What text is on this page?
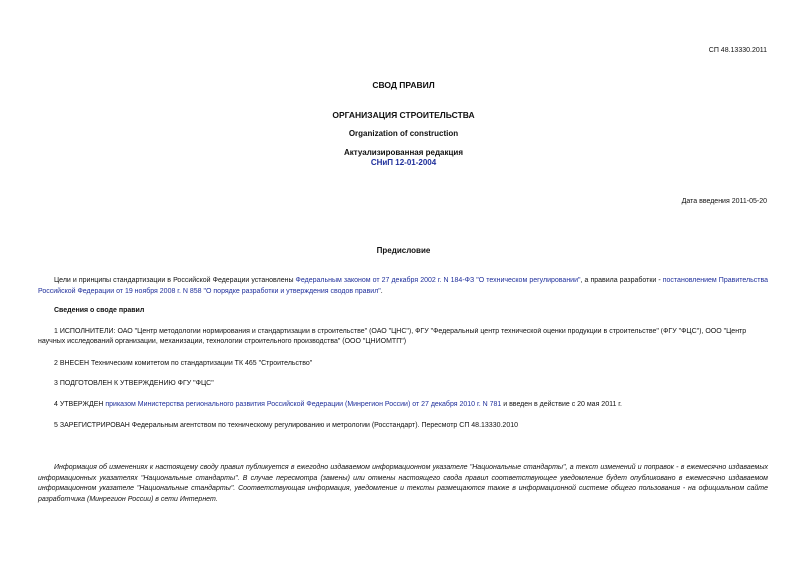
СП 48.13330.2011
СВОД ПРАВИЛ
ОРГАНИЗАЦИЯ СТРОИТЕЛЬСТВА
Organization of construction
Актуализированная редакция
СНиП 12-01-2004
Дата введения 2011-05-20
Предисловие

Цели и принципы стандартизации в Российской Федерации установлены Федеральным законом от 27 декабря 2002 г. N 184-ФЗ "О техническом регулировании", а правила разработки - постановлением Правительства Российской Федерации от 19 ноября 2008 г. N 858 "О порядке разработки и утверждения сводов правил".

Сведения о своде правил
1 ИСПОЛНИТЕЛИ: ОАО "Центр методологии нормирования и стандартизации в строительстве" (ОАО "ЦНС"), ФГУ "Федеральный центр технической оценки продукции в строительстве" (ФГУ "ФЦС"), ООО "Центр
научных исследований организации, механизации, технологии строительного производства" (ООО "ЦНИОМТП")
2 ВНЕСЕН Техническим комитетом по стандартизации ТК 465 "Строительство"
3 ПОДГОТОВЛЕН К УТВЕРЖДЕНИЮ ФГУ "ФЦС"
4 УТВЕРЖДЕН приказом Министерства регионального развития Российской Федерации (Минрегион России) от 27 декабря 2010 г. N 781 и введен в действие с 20 мая 2011 г.
5 ЗАРЕГИСТРИРОВАН Федеральным агентством по техническому регулированию и метрологии (Росстандарт). Пересмотр СП 48.13330.2010

Информация об изменениях к настоящему своду правил публикуется в ежегодно издаваемом информационном указателе "Национальные стандарты", а текст изменений и поправок - в ежемесячно издаваемых информационных указателях "Национальные стандарты". В случае пересмотра (замены) или отмены настоящего свода правил соответствующее уведомление будет опубликовано в ежемесячно издаваемом информационном указателе "Национальные стандарты". Соответствующая информация, уведомление и тексты размещаются также в информационной системе общего пользования - на официальном сайте разработчика (Минрегион России) в сети Интернет.
